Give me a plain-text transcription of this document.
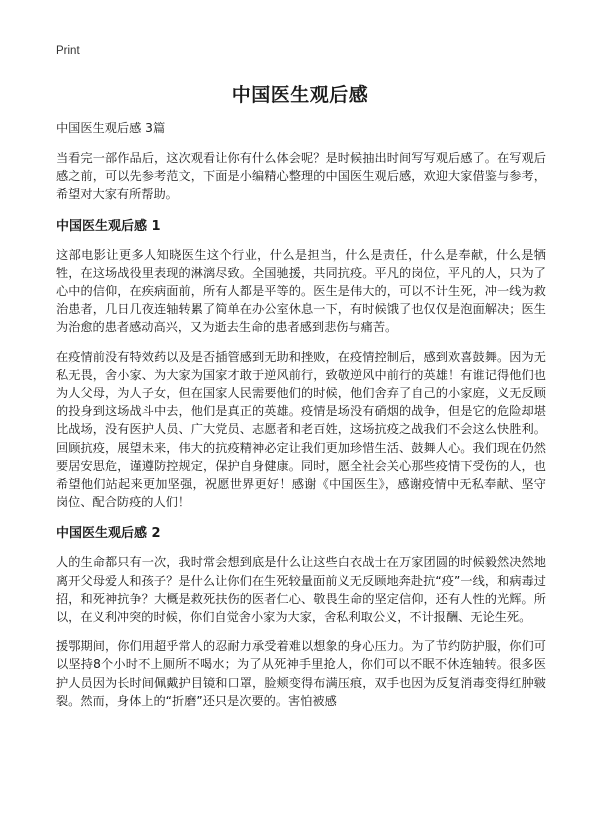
Print
中国医生观后感

中国医生观后感 3篇

当看完一部作品后，这次观看让你有什么体会呢？是时候抽出时间写写观后感了。在写观后感之前，可以先参考范文，下面是小编精心整理的中国医生观后感，欢迎大家借鉴与参考，希望对大家有所帮助。

中国医生观后感 1

这部电影让更多人知晓医生这个行业，什么是担当，什么是责任，什么是奉献，什么是牺牲，在这场战役里表现的淋漓尽致。全国驰援，共同抗疫。平凡的岗位，平凡的人，只为了心中的信仰，在疾病面前，所有人都是平等的。医生是伟大的，可以不计生死，冲一线为救治患者，几日几夜连轴转累了简单在办公室休息一下，有时候饿了也仅仅是泡面解决；医生为治愈的患者感动高兴，又为逝去生命的患者感到悲伤与痛苦。

在疫情前没有特效药以及是否插管感到无助和挫败，在疫情控制后，感到欢喜鼓舞。因为无私无畏，舍小家、为大家为国家才敢于逆风前行，致敬逆风中前行的英雄！有谁记得他们也为人父母，为人子女，但在国家人民需要他们的时候，他们舍弃了自己的小家庭，义无反顾的投身到这场战斗中去，他们是真正的英雄。疫情是场没有硝烟的战争，但是它的危险却堪比战场，没有医护人员、广大党员、志愿者和老百姓，这场抗疫之战我们不会这么快胜利。回顾抗疫，展望未来，伟大的抗疫精神必定让我们更加珍惜生活、鼓舞人心。我们现在仍然要居安思危，谨遵防控规定，保护自身健康。同时，愿全社会关心那些疫情下受伤的人，也希望他们站起来更加坚强，祝愿世界更好！感谢《中国医生》，感谢疫情中无私奉献、坚守岗位、配合防疫的人们！

中国医生观后感 2

人的生命都只有一次，我时常会想到底是什么让这些白衣战士在万家团圆的时候毅然决然地离开父母爱人和孩子？是什么让你们在生死较量面前义无反顾地奔赴抗“疫”一线，和病毒过招，和死神抗争？大概是救死扶伤的医者仁心、敬畏生命的坚定信仰，还有人性的光辉。所以，在义利冲突的时候，你们自觉舍小家为大家，舍私利取公义，不计报酬、无论生死。

援鄂期间，你们用超乎常人的忍耐力承受着难以想象的身心压力。为了节约防护服，你们可以坚持8个小时不上厕所不喝水；为了从死神手里抢人，你们可以不眠不休连轴转。很多医护人员因为长时间佩戴护目镜和口罩，脸颊变得布满压痕，双手也因为反复消毒变得红肿皲裂。然而，身体上的“折磨”还只是次要的。害怕被感
